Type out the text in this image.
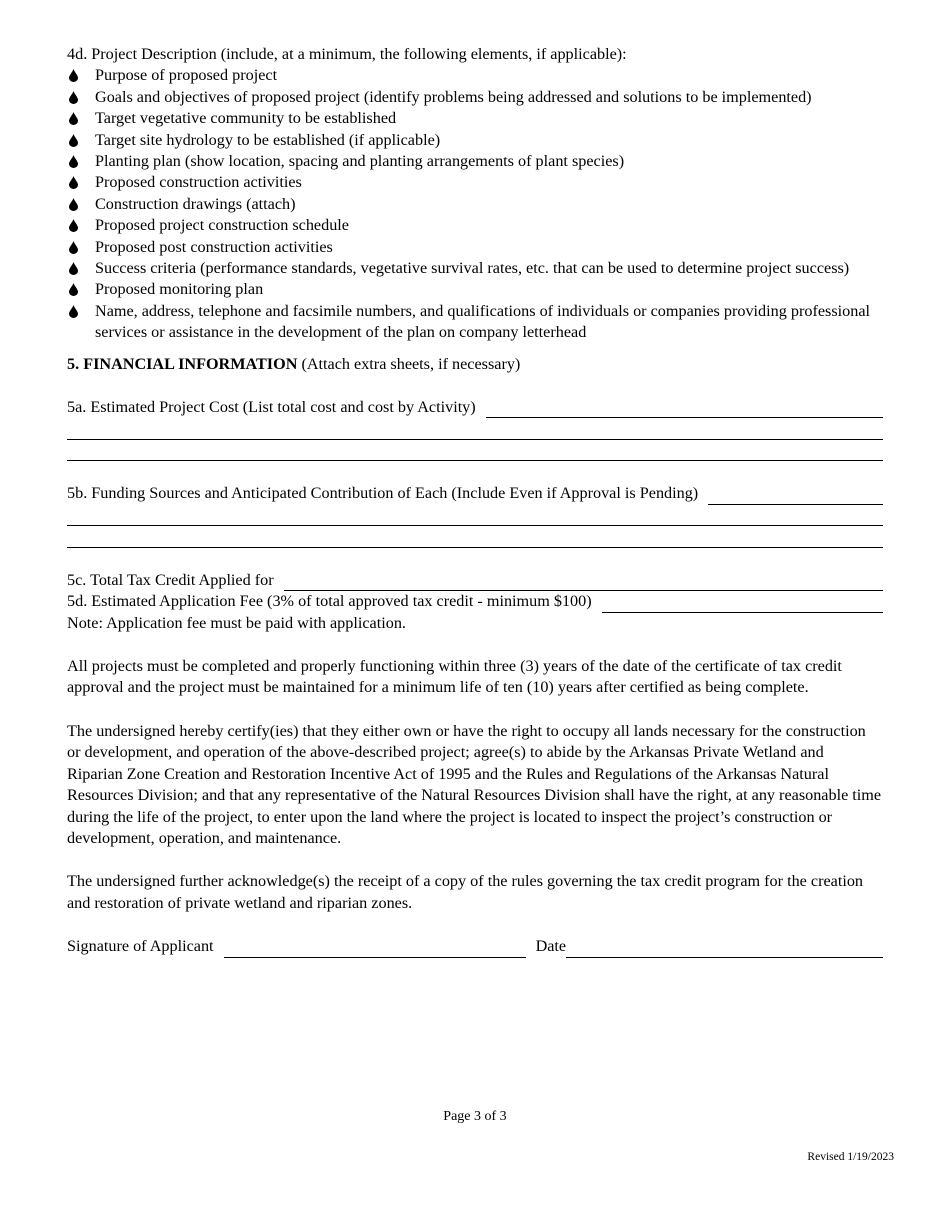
4d. Project Description (include, at a minimum, the following elements, if applicable):
Purpose of proposed project
Goals and objectives of proposed project (identify problems being addressed and solutions to be implemented)
Target vegetative community to be established
Target site hydrology to be established (if applicable)
Planting plan (show location, spacing and planting arrangements of plant species)
Proposed construction activities
Construction drawings (attach)
Proposed project construction schedule
Proposed post construction activities
Success criteria (performance standards, vegetative survival rates, etc. that can be used to determine project success)
Proposed monitoring plan
Name, address, telephone and facsimile numbers, and qualifications of individuals or companies providing professional services or assistance in the development of the plan on company letterhead
5. FINANCIAL INFORMATION (Attach extra sheets, if necessary)
5a. Estimated Project Cost (List total cost and cost by Activity)
5b. Funding Sources and Anticipated Contribution of Each (Include Even if Approval is Pending)
5c. Total Tax Credit Applied for
5d. Estimated Application Fee (3% of total approved tax credit - minimum $100)
Note: Application fee must be paid with application.

All projects must be completed and properly functioning within three (3) years of the date of the certificate of tax credit approval and the project must be maintained for a minimum life of ten (10) years after certified as being complete.

The undersigned hereby certify(ies) that they either own or have the right to occupy all lands necessary for the construction or development, and operation of the above-described project; agree(s) to abide by the Arkansas Private Wetland and Riparian Zone Creation and Restoration Incentive Act of 1995 and the Rules and Regulations of the Arkansas Natural Resources Division; and that any representative of the Natural Resources Division shall have the right, at any reasonable time during the life of the project, to enter upon the land where the project is located to inspect the project’s construction or development, operation, and maintenance.

The undersigned further acknowledge(s) the receipt of a copy of the rules governing the tax credit program for the creation and restoration of private wetland and riparian zones.

Signature of Applicant	Date
Page 3 of 3
Revised 1/19/2023
